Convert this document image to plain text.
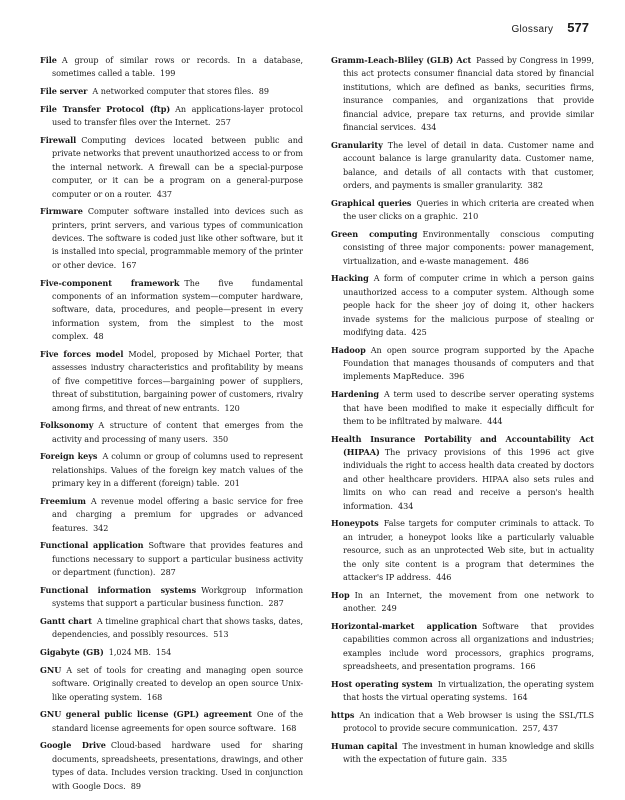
Glossary 577

File A group of similar rows or records. In a database, sometimes called a table. 199

File server A networked computer that stores files. 89

File Transfer Protocol (ftp) An applications-layer protocol used to transfer files over the Internet. 257

Firewall Computing devices located between public and private networks that prevent unauthorized access to or from the internal network. A firewall can be a special-purpose computer, or it can be a program on a general-purpose computer or on a router. 437

Firmware Computer software installed into devices such as printers, print servers, and various types of communication devices. The software is coded just like other software, but it is installed into special, programmable memory of the printer or other device. 167

Five-component framework The five fundamental components of an information system—computer hardware, software, data, procedures, and people—present in every information system, from the simplest to the most complex. 48

Five forces model Model, proposed by Michael Porter, that assesses industry characteristics and profitability by means of five competitive forces—bargaining power of suppliers, threat of substitution, bargaining power of customers, rivalry among firms, and threat of new entrants. 120

Folksonomy A structure of content that emerges from the activity and processing of many users. 350

Foreign keys A column or group of columns used to represent relationships. Values of the foreign key match values of the primary key in a different (foreign) table. 201

Freemium A revenue model offering a basic service for free and charging a premium for upgrades or advanced features. 342

Functional application Software that provides features and functions necessary to support a particular business activity or department (function). 287

Functional information systems Workgroup information systems that support a particular business function. 287

Gantt chart A timeline graphical chart that shows tasks, dates, dependencies, and possibly resources. 513

Gigabyte (GB) 1,024 MB. 154

GNU A set of tools for creating and managing open source software. Originally created to develop an open source Unix-like operating system. 168

GNU general public license (GPL) agreement One of the standard license agreements for open source software. 168

Google Drive Cloud-based hardware used for sharing documents, spreadsheets, presentations, drawings, and other types of data. Includes version tracking. Used in conjunction with Google Docs. 89

Gramm-Leach-Bliley (GLB) Act Passed by Congress in 1999, this act protects consumer financial data stored by financial institutions, which are defined as banks, securities firms, insurance companies, and organizations that provide financial advice, prepare tax returns, and provide similar financial services. 434

Granularity The level of detail in data. Customer name and account balance is large granularity data. Customer name, balance, and details of all contacts with that customer, orders, and payments is smaller granularity. 382

Graphical queries Queries in which criteria are created when the user clicks on a graphic. 210

Green computing Environmentally conscious computing consisting of three major components: power management, virtualization, and e-waste management. 486

Hacking A form of computer crime in which a person gains unauthorized access to a computer system. Although some people hack for the sheer joy of doing it, other hackers invade systems for the malicious purpose of stealing or modifying data. 425

Hadoop An open source program supported by the Apache Foundation that manages thousands of computers and that implements MapReduce. 396

Hardening A term used to describe server operating systems that have been modified to make it especially difficult for them to be infiltrated by malware. 444

Health Insurance Portability and Accountability Act (HIPAA) The privacy provisions of this 1996 act give individuals the right to access health data created by doctors and other healthcare providers. HIPAA also sets rules and limits on who can read and receive a person's health information. 434

Honeypots False targets for computer criminals to attack. To an intruder, a honeypot looks like a particularly valuable resource, such as an unprotected Web site, but in actuality the only site content is a program that determines the attacker's IP address. 446

Hop In an Internet, the movement from one network to another. 249

Horizontal-market application Software that provides capabilities common across all organizations and industries; examples include word processors, graphics programs, spreadsheets, and presentation programs. 166

Host operating system In virtualization, the operating system that hosts the virtual operating systems. 164

https An indication that a Web browser is using the SSL/TLS protocol to provide secure communication. 257, 437

Human capital The investment in human knowledge and skills with the expectation of future gain. 335
